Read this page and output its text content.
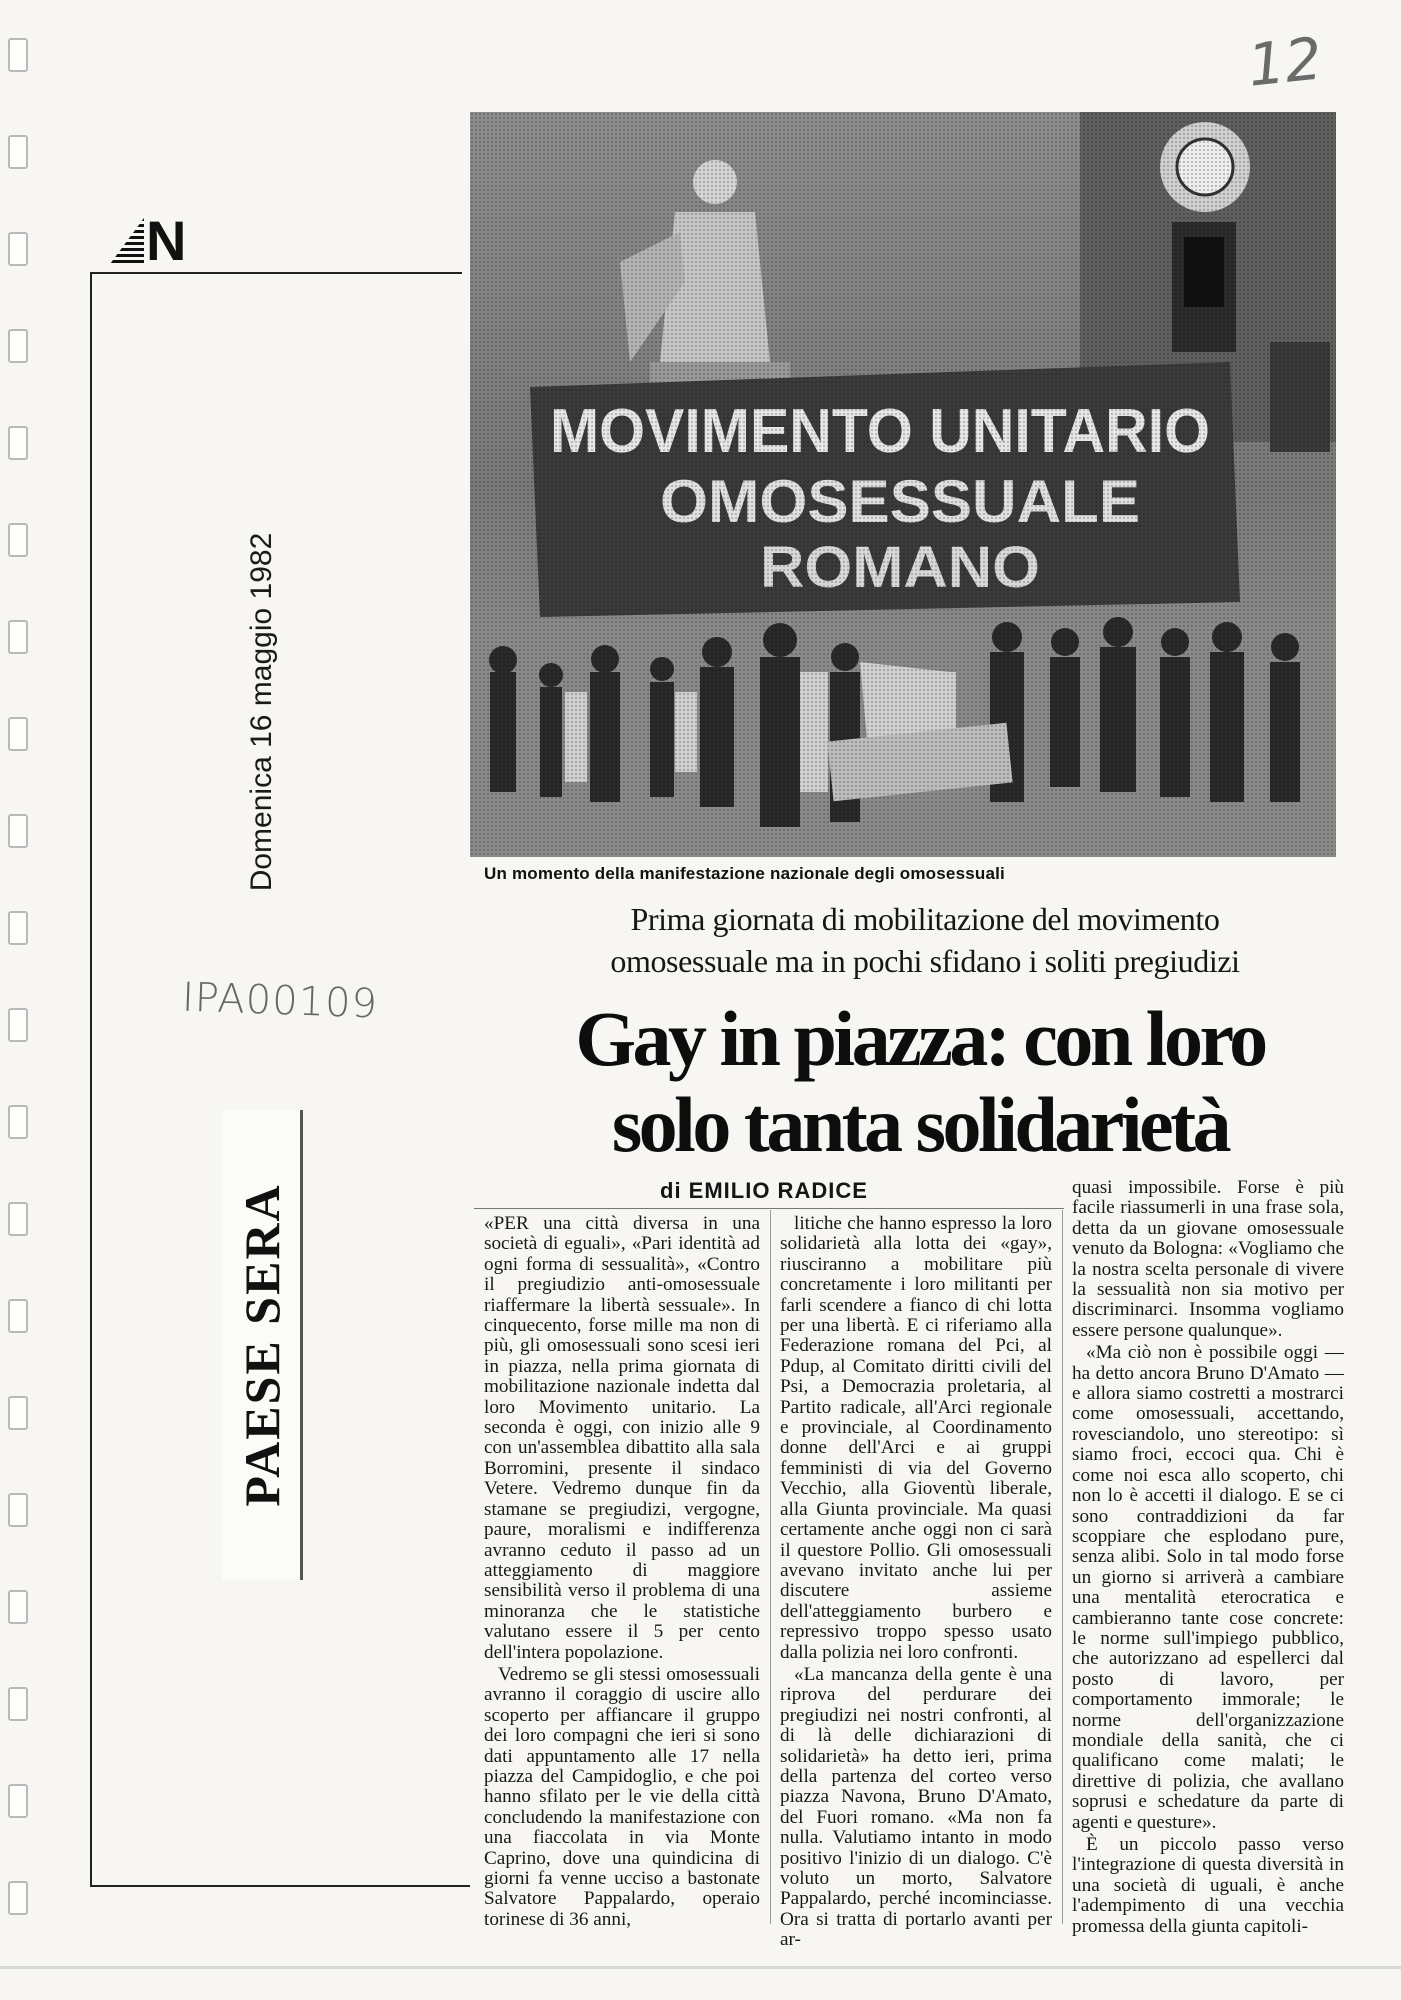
12
N
Domenica 16 maggio 1982
IPA00109
PAESE SERA
Un momento della manifestazione nazionale degli omosessuali
Prima giornata di mobilitazione del movimento
omosessuale ma in pochi sfidano i soliti pregiudizi
Gay in piazza: con loro
solo tanta solidarietà
di EMILIO RADICE

«PER una città diversa in una società di eguali», «Pari identità ad ogni forma di sessualità», «Contro il pregiudizio anti-omosessuale riaffermare la libertà sessuale». In cinquecento, forse mille ma non di più, gli omosessuali sono scesi ieri in piazza, nella prima giornata di mobilitazione nazionale indetta dal loro Movimento unitario. La seconda è oggi, con inizio alle 9 con un'assemblea dibattito alla sala Borromini, presente il sindaco Vetere. Vedremo dunque fin da stamane se pregiudizi, vergogne, paure, moralismi e indifferenza avranno ceduto il passo ad un atteggiamento di maggiore sensibilità verso il problema di una minoranza che le statistiche valutano essere il 5 per cento dell'intera popolazione.

Vedremo se gli stessi omosessuali avranno il coraggio di uscire allo scoperto per affiancare il gruppo dei loro compagni che ieri si sono dati appuntamento alle 17 nella piazza del Campidoglio, e che poi hanno sfilato per le vie della città concludendo la manifestazione con una fiaccolata in via Monte Caprino, dove una quindicina di giorni fa venne ucciso a bastonate Salvatore Pappalardo, operaio torinese di 36 anni,

litiche che hanno espresso la loro solidarietà alla lotta dei «gay», riusciranno a mobilitare più concretamente i loro militanti per farli scendere a fianco di chi lotta per una libertà. E ci riferiamo alla Federazione romana del Pci, al Pdup, al Comitato diritti civili del Psi, a Democrazia proletaria, al Partito radicale, all'Arci regionale e provinciale, al Coordinamento donne dell'Arci e ai gruppi femministi di via del Governo Vecchio, alla Gioventù liberale, alla Giunta provinciale. Ma quasi certamente anche oggi non ci sarà il questore Pollio. Gli omosessuali avevano invitato anche lui per discutere assieme dell'atteggiamento burbero e repressivo troppo spesso usato dalla polizia nei loro confronti.

«La mancanza della gente è una riprova del perdurare dei pregiudizi nei nostri confronti, al di là delle dichiarazioni di solidarietà» ha detto ieri, prima della partenza del corteo verso piazza Navona, Bruno D'Amato, del Fuori romano. «Ma non fa nulla. Valutiamo intanto in modo positivo l'inizio di un dialogo. C'è voluto un morto, Salvatore Pappalardo, perché incominciasse. Ora si tratta di portarlo avanti per ar-

quasi impossibile. Forse è più facile riassumerli in una frase sola, detta da un giovane omosessuale venuto da Bologna: «Vogliamo che la nostra scelta personale di vivere la sessualità non sia motivo per discriminarci. Insomma vogliamo essere persone qualunque».

«Ma ciò non è possibile oggi — ha detto ancora Bruno D'Amato — e allora siamo costretti a mostrarci come omosessuali, accettando, rovesciandolo, uno stereotipo: sì siamo froci, eccoci qua. Chi è come noi esca allo scoperto, chi non lo è accetti il dialogo. E se ci sono contraddizioni da far scoppiare che esplodano pure, senza alibi. Solo in tal modo forse un giorno si arriverà a cambiare una mentalità eterocratica e cambieranno tante cose concrete: le norme sull'impiego pubblico, che autorizzano ad espellerci dal posto di lavoro, per comportamento immorale; le norme dell'organizzazione mondiale della sanità, che ci qualificano come malati; le direttive di polizia, che avallano soprusi e schedature da parte di agenti e questure».

È un piccolo passo verso l'integrazione di questa diversità in una società di uguali, è anche l'adempimento di una vecchia promessa della giunta capitoli-
